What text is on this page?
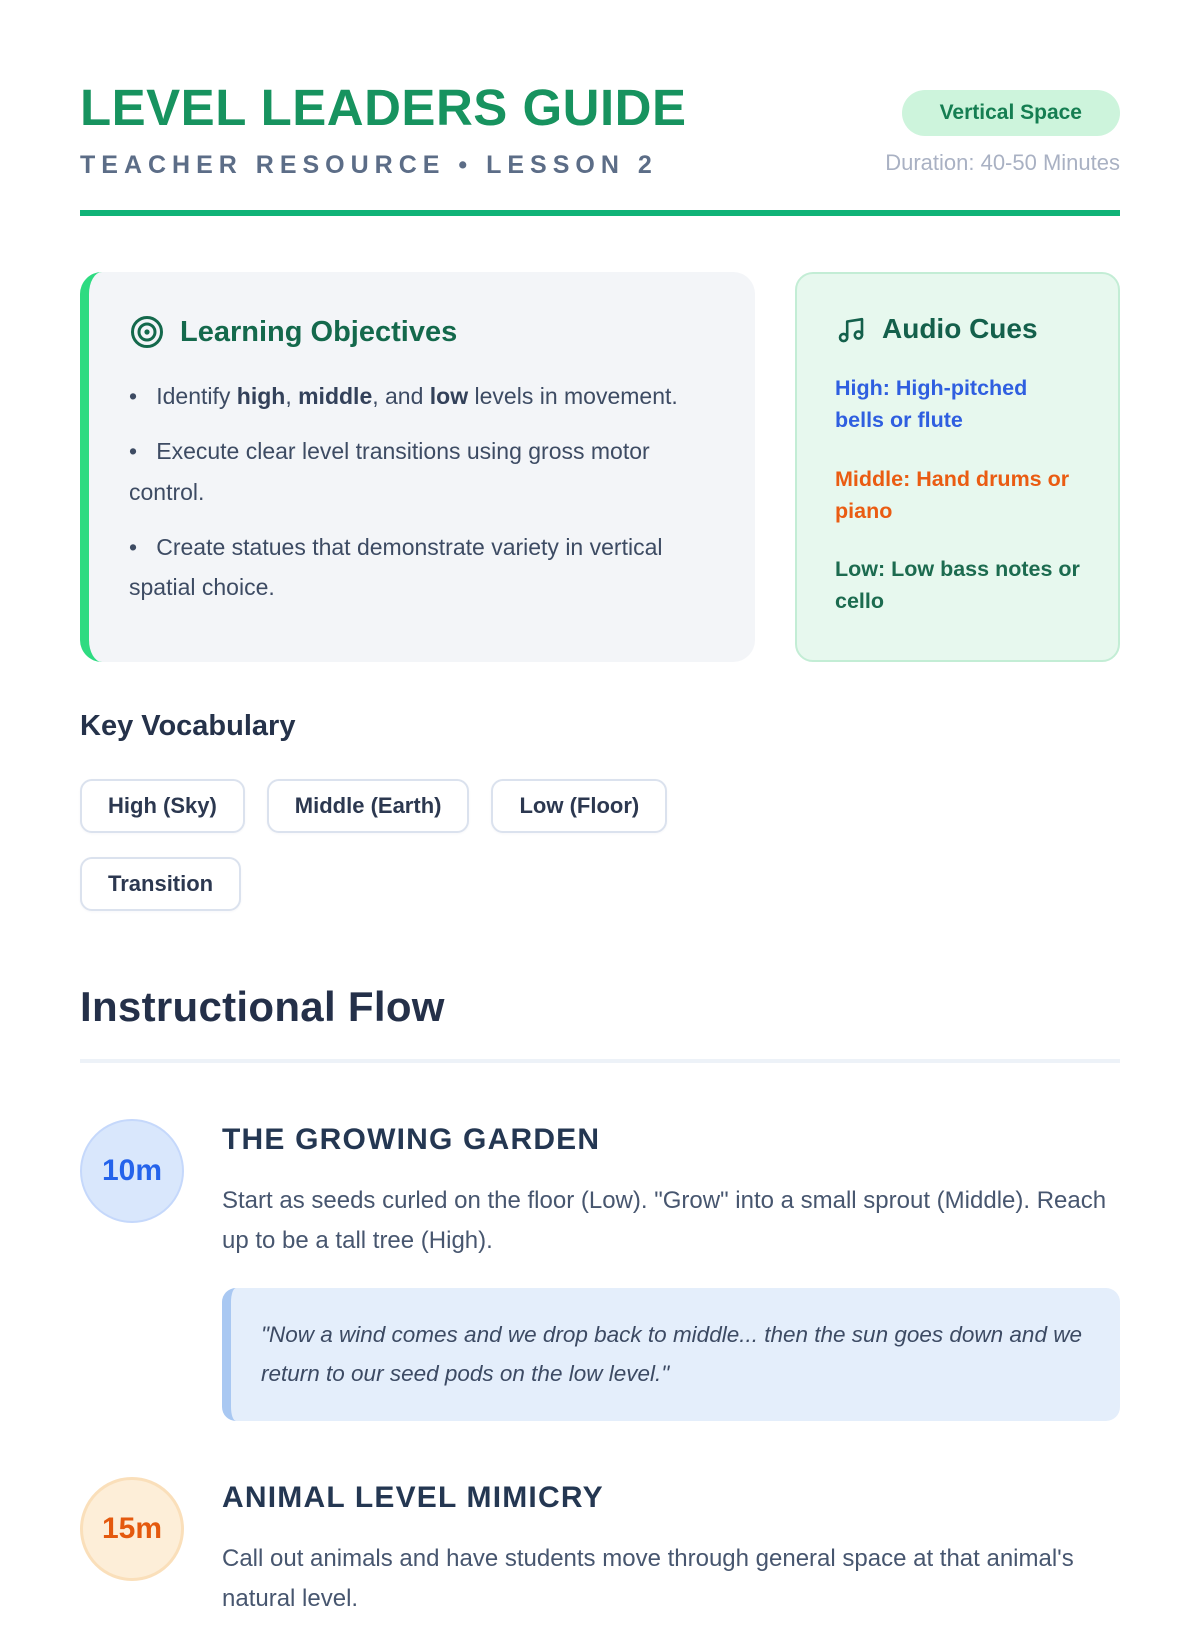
LEVEL LEADERS GUIDE
TEACHER RESOURCE • LESSON 2
Vertical Space
Duration: 40-50 Minutes
Learning Objectives
•   Identify high, middle, and low levels in movement.
•   Execute clear level transitions using gross motor control.
•   Create statues that demonstrate variety in vertical spatial choice.
Audio Cues
High: High-pitched bells or flute
Middle: Hand drums or piano
Low: Low bass notes or cello
Key Vocabulary
High (Sky)	Middle (Earth)	Low (Floor)
Transition
Instructional Flow
10m
THE GROWING GARDEN
Start as seeds curled on the floor (Low). "Grow" into a small sprout (Middle). Reach up to be a tall tree (High).
"Now a wind comes and we drop back to middle... then the sun goes down and we return to our seed pods on the low level."
15m
ANIMAL LEVEL MIMICRY
Call out animals and have students move through general space at that animal's natural level.
